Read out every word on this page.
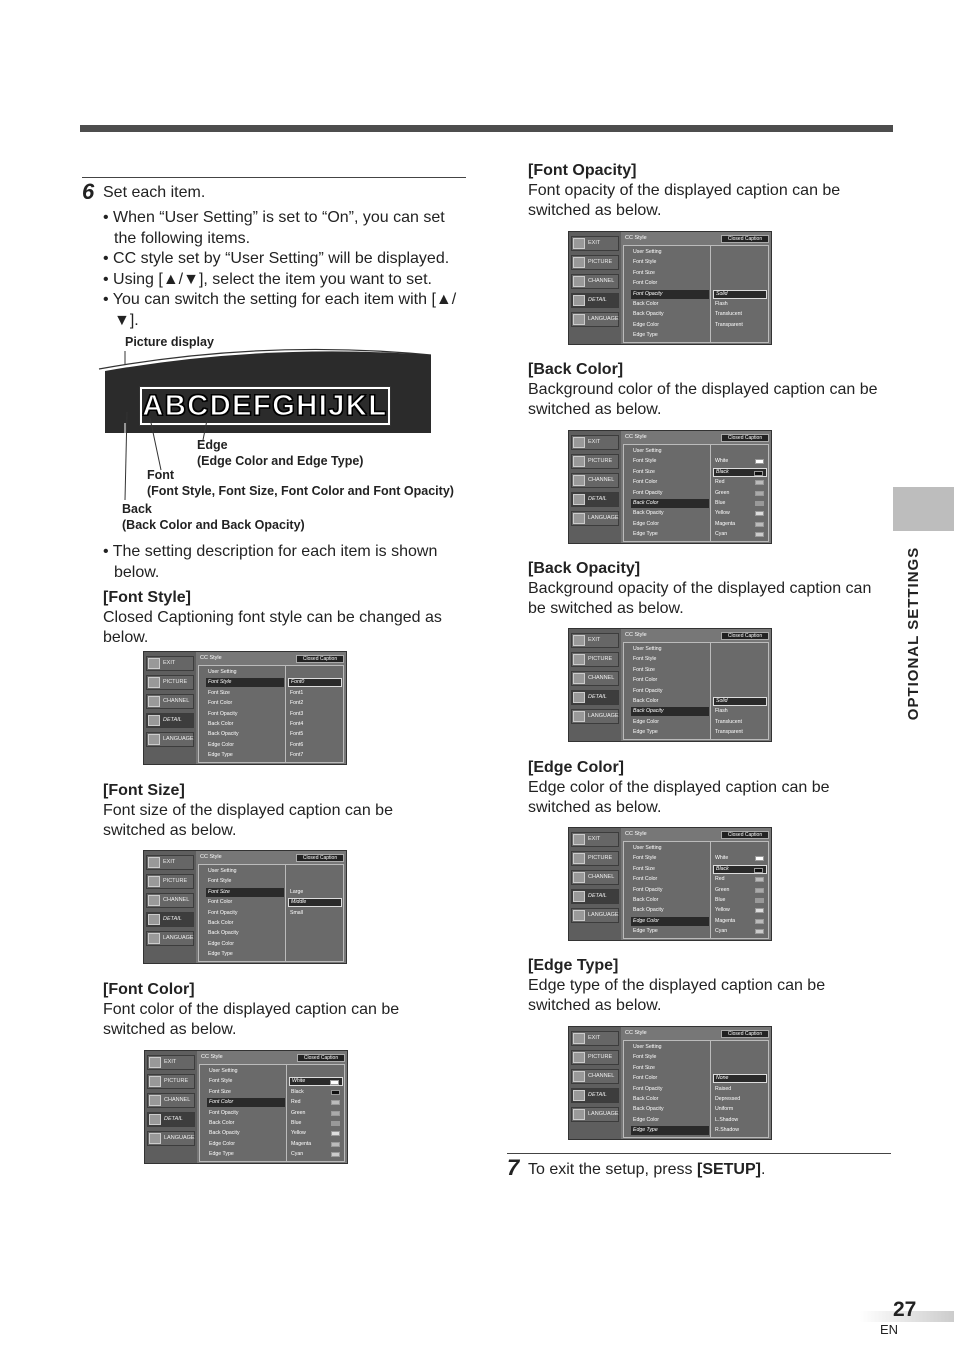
OPTIONAL SETTINGS
6 Set each item.
• When “User Setting” is set to “On”, you can set the following items.
• CC style set by “User Setting” will be displayed.
• Using [▲/▼], select the item you want to set.
• You can switch the setting for each item with [▲/▼].
Picture display
ABCDEFGHIJKL
Edge
(Edge Color and Edge Type)
Font
(Font Style, Font Size, Font Color and Font Opacity)
Back
(Back Color and Back Opacity)
• The setting description for each item is shown below.
[Font Style]
Closed Captioning font style can be changed as below.
EXIT
PICTURE
CHANNEL
DETAIL
LANGUAGE
CC Style	Closed Caption
User Setting
Font Style
Font Size
Font Color
Font Opacity
Back Color
Back Opacity
Edge Color
Edge Type
Font0
Font1
Font2
Font3
Font4
Font5
Font6
Font7
[Font Size]
Font size of the displayed caption can be switched as below.
EXIT
PICTURE
CHANNEL
DETAIL
LANGUAGE
CC Style	Closed Caption
User Setting
Font Style
Font Size
Font Color
Font Opacity
Back Color
Back Opacity
Edge Color
Edge Type
Large
Middle
Small
[Font Color]
Font color of the displayed caption can be switched as below.
EXIT
PICTURE
CHANNEL
DETAIL
LANGUAGE
CC Style	Closed Caption
User Setting
Font Style
Font Size
Font Color
Font Opacity
Back Color
Back Opacity
Edge Color
Edge Type
White
Black
Red
Green
Blue
Yellow
Magenta
Cyan
[Font Opacity]
Font opacity of the displayed caption can be switched as below.
EXIT
PICTURE
CHANNEL
DETAIL
LANGUAGE
CC Style	Closed Caption
User Setting
Font Style
Font Size
Font Color
Font Opacity
Back Color
Back Opacity
Edge Color
Edge Type
Solid
Flash
Translucent
Transparent
[Back Color]
Background color of the displayed caption can be switched as below.
EXIT
PICTURE
CHANNEL
DETAIL
LANGUAGE
CC Style	Closed Caption
User Setting
Font Style
Font Size
Font Color
Font Opacity
Back Color
Back Opacity
Edge Color
Edge Type
White
Black
Red
Green
Blue
Yellow
Magenta
Cyan
[Back Opacity]
Background opacity of the displayed caption can be switched as below.
EXIT
PICTURE
CHANNEL
DETAIL
LANGUAGE
CC Style	Closed Caption
User Setting
Font Style
Font Size
Font Color
Font Opacity
Back Color
Back Opacity
Edge Color
Edge Type
Solid
Flash
Translucent
Transparent
[Edge Color]
Edge color of the displayed caption can be switched as below.
EXIT
PICTURE
CHANNEL
DETAIL
LANGUAGE
CC Style	Closed Caption
User Setting
Font Style
Font Size
Font Color
Font Opacity
Back Color
Back Opacity
Edge Color
Edge Type
White
Black
Red
Green
Blue
Yellow
Magenta
Cyan
[Edge Type]
Edge type of the displayed caption can be switched as below.
EXIT
PICTURE
CHANNEL
DETAIL
LANGUAGE
CC Style	Closed Caption
User Setting
Font Style
Font Size
Font Color
Font Opacity
Back Color
Back Opacity
Edge Color
Edge Type
None
Raised
Depressed
Uniform
L.Shadow
R.Shadow
7 To exit the setup, press [SETUP].
27
EN
